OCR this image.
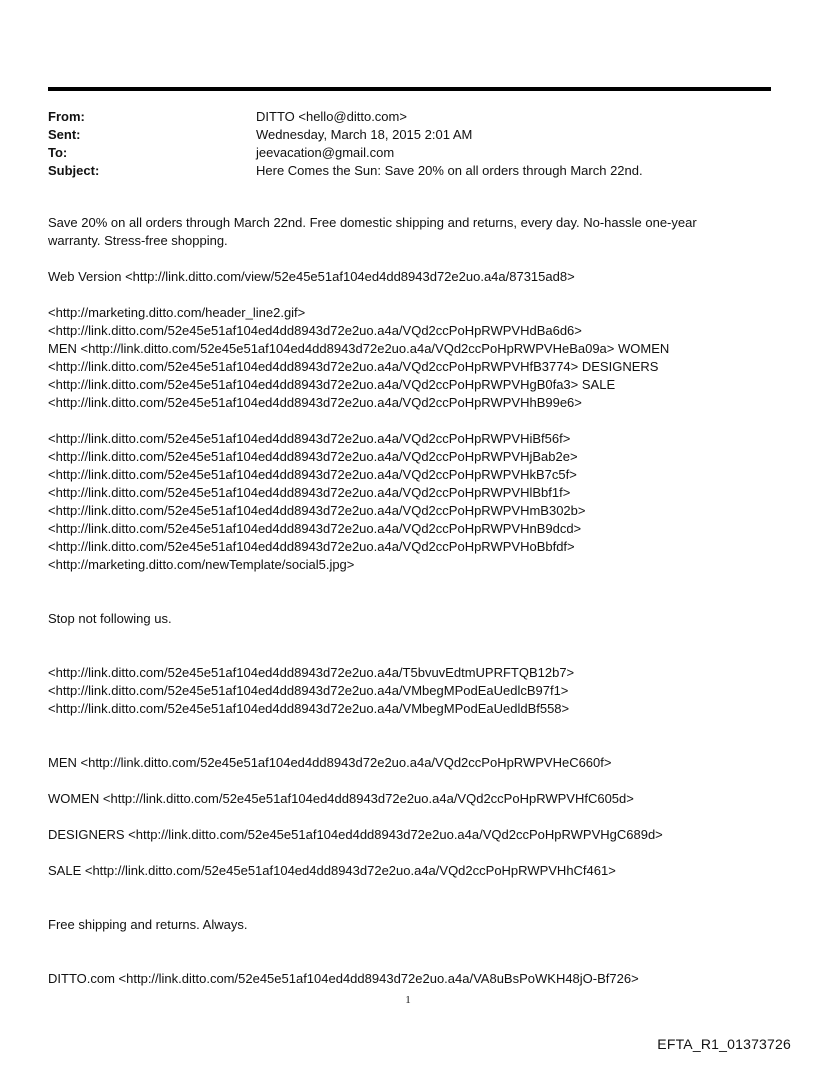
From:	DITTO <hello@ditto.com>
Sent:	Wednesday, March 18, 2015 2:01 AM
To:	jeevacation@gmail.com
Subject:	Here Comes the Sun: Save 20% on all orders through March 22nd.

Save 20% on all orders through March 22nd. Free domestic shipping and returns, every day. No-hassle one-year warranty. Stress-free shopping.

Web Version <http://link.ditto.com/view/52e45e51af104ed4dd8943d72e2uo.a4a/87315ad8>

<http://marketing.ditto.com/header_line2.gif>
<http://link.ditto.com/52e45e51af104ed4dd8943d72e2uo.a4a/VQd2ccPoHpRWPVHdBa6d6>
MEN <http://link.ditto.com/52e45e51af104ed4dd8943d72e2uo.a4a/VQd2ccPoHpRWPVHeBa09a> WOMEN
<http://link.ditto.com/52e45e51af104ed4dd8943d72e2uo.a4a/VQd2ccPoHpRWPVHfB3774> DESIGNERS
<http://link.ditto.com/52e45e51af104ed4dd8943d72e2uo.a4a/VQd2ccPoHpRWPVHgB0fa3> SALE
<http://link.ditto.com/52e45e51af104ed4dd8943d72e2uo.a4a/VQd2ccPoHpRWPVHhB99e6>
<http://link.ditto.com/52e45e51af104ed4dd8943d72e2uo.a4a/VQd2ccPoHpRWPVHiBf56f>
<http://link.ditto.com/52e45e51af104ed4dd8943d72e2uo.a4a/VQd2ccPoHpRWPVHjBab2e>
<http://link.ditto.com/52e45e51af104ed4dd8943d72e2uo.a4a/VQd2ccPoHpRWPVHkB7c5f>
<http://link.ditto.com/52e45e51af104ed4dd8943d72e2uo.a4a/VQd2ccPoHpRWPVHlBbf1f>
<http://link.ditto.com/52e45e51af104ed4dd8943d72e2uo.a4a/VQd2ccPoHpRWPVHmB302b>
<http://link.ditto.com/52e45e51af104ed4dd8943d72e2uo.a4a/VQd2ccPoHpRWPVHnB9dcd>
<http://link.ditto.com/52e45e51af104ed4dd8943d72e2uo.a4a/VQd2ccPoHpRWPVHoBbfdf>
<http://marketing.ditto.com/newTemplate/social5.jpg>

Stop not following us.

<http://link.ditto.com/52e45e51af104ed4dd8943d72e2uo.a4a/T5bvuvEdtmUPRFTQB12b7>
<http://link.ditto.com/52e45e51af104ed4dd8943d72e2uo.a4a/VMbegMPodEaUedlcB97f1>
<http://link.ditto.com/52e45e51af104ed4dd8943d72e2uo.a4a/VMbegMPodEaUedldBf558>

MEN <http://link.ditto.com/52e45e51af104ed4dd8943d72e2uo.a4a/VQd2ccPoHpRWPVHeC660f>

WOMEN <http://link.ditto.com/52e45e51af104ed4dd8943d72e2uo.a4a/VQd2ccPoHpRWPVHfC605d>

DESIGNERS <http://link.ditto.com/52e45e51af104ed4dd8943d72e2uo.a4a/VQd2ccPoHpRWPVHgC689d>

SALE <http://link.ditto.com/52e45e51af104ed4dd8943d72e2uo.a4a/VQd2ccPoHpRWPVHhCf461>

Free shipping and returns. Always.

DITTO.com <http://link.ditto.com/52e45e51af104ed4dd8943d72e2uo.a4a/VA8uBsPoWKH48jO-Bf726>

1
EFTA_R1_01373726
